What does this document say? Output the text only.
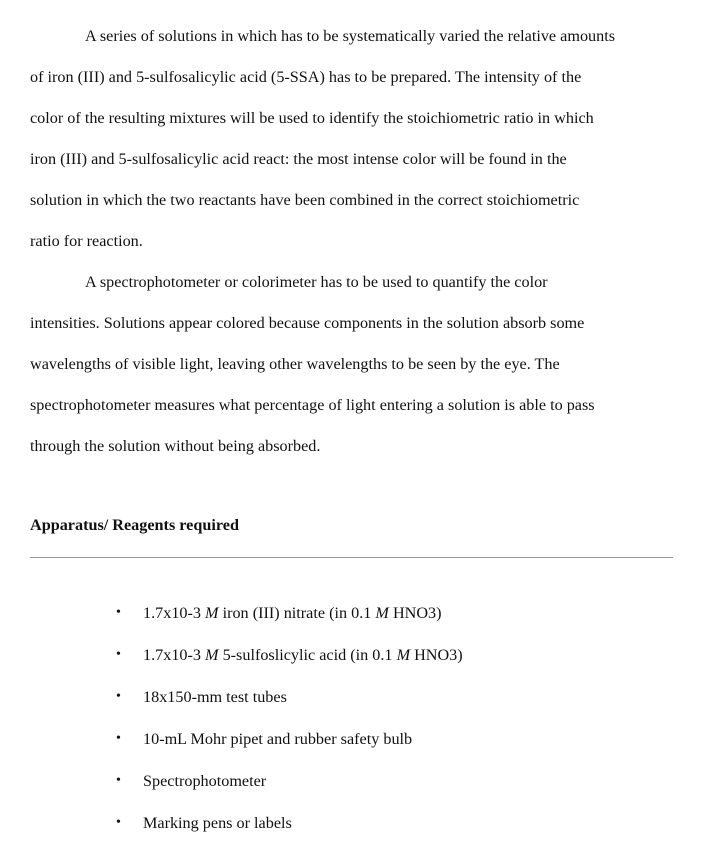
A series of solutions in which has to be systematically varied the relative amounts
of iron (III) and 5-sulfosalicylic acid (5-SSA) has to be prepared. The intensity of the
color of the resulting mixtures will be used to identify the stoichiometric ratio in which
iron (III) and 5-sulfosalicylic acid react: the most intense color will be found in the
solution in which the two reactants have been combined in the correct stoichiometric
ratio for reaction.

A spectrophotometer or colorimeter has to be used to quantify the color
intensities. Solutions appear colored because components in the solution absorb some
wavelengths of visible light, leaving other wavelengths to be seen by the eye. The
spectrophotometer measures what percentage of light entering a solution is able to pass
through the solution without being absorbed.

Apparatus/ Reagents required
• 1.7x10-3 M iron (III) nitrate (in 0.1 M HNO3)
• 1.7x10-3 M 5-sulfoslicylic acid (in 0.1 M HNO3)
• 18x150-mm test tubes
• 10-mL Mohr pipet and rubber safety bulb
• Spectrophotometer
• Marking pens or labels
